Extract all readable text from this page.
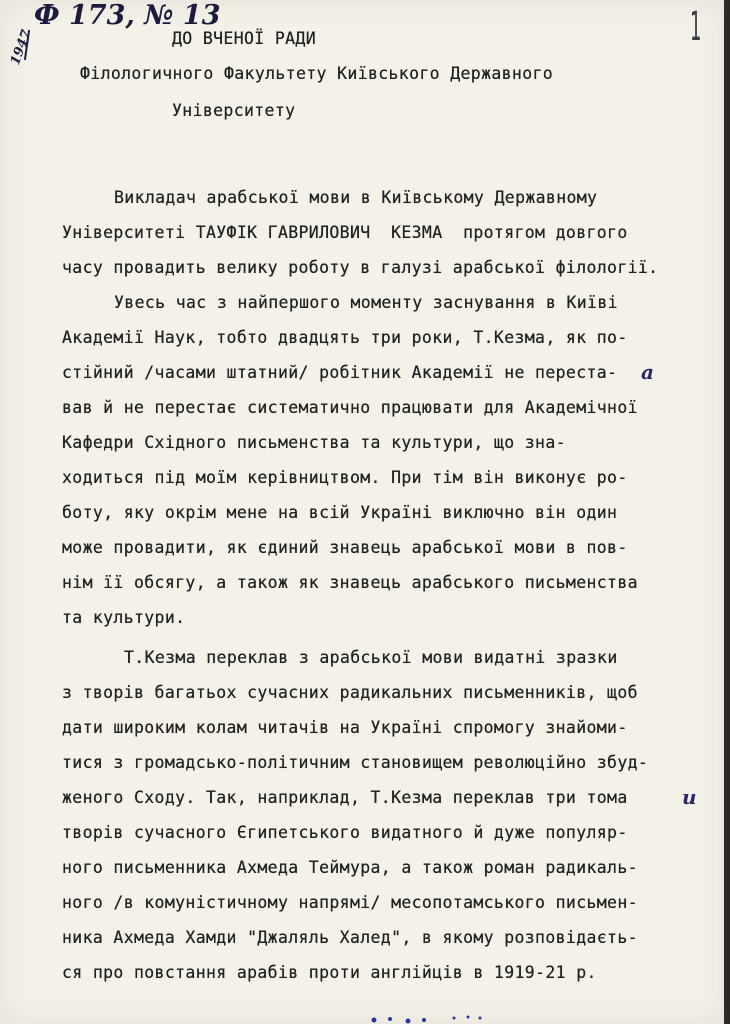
Ф 173, № 13
1947	1
ДО ВЧЕНОЇ РАДИ
Філологичного Факультету Київського Державного
Університету
Викладач арабської мови в Київському Державному
Університеті ТАУФІК ГАВРИЛОВИЧ  КЕЗМА  протягом довгого
часу провадить велику роботу в галузі арабської філології.
Увесь час з найпершого моменту заснування в Київі
Академії Наук, тобто двадцять три роки, Т.Кезма, як по-
стійний /часами штатний/ робітник Академії не переста-
вав й не перестає систематично працювати для Академічної
Кафедри Східного письменства та культури, що зна-
ходиться під моїм керівництвом. При тім він виконує ро-
боту, яку окрім мене на всій Україні виключно він один
може провадити, як єдиний знавець арабської мови в пов-
нім її обсягу, а також як знавець арабського письменства
та культури.
Т.Кезма переклав з арабської мови видатні зразки
з творів багатьох сучасних радикальних письменників, щоб
дати широким колам читачів на Україні спромогу знайоми-
тися з громадсько-політичним становищем революційно збуд-
женого Сходу. Так, наприклад, Т.Кезма переклав три тома
творів сучасного Єгипетського видатного й дуже популяр-
ного письменника Ахмеда Теймура, а також роман радикаль-
ного /в комуністичному напрямі/ месопотамського письмен-
ника Ахмеда Хамди "Джаляль Халед", в якому розповідаєть-
ся про повстання арабів проти англійців в 1919-21 р.
а
и
